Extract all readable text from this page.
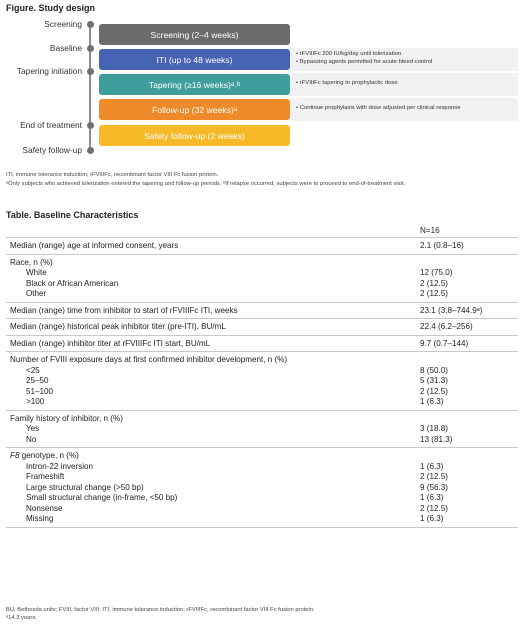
Figure. Study design
Screening
Baseline
Tapering initiation
End of treatment
Safety follow-up
Screening (2–4 weeks)
ITI (up to 48 weeks)
Tapering (≥16 weeks)ᵃ˒ᵇ
Follow-up (32 weeks)ᵃ
Safety follow-up (2 weeks)
• rFVIIIFc 200 IU/kg/day until tolerization
• Bypassing agents permitted for acute bleed control
• rFVIIIFc tapering to prophylactic dose
• Continue prophylaxis with dose adjusted per clinical response
ITI, immune tolerance induction; rFVIIIFc, recombinant factor VIII Fc fusion protein.
ᵃOnly subjects who achieved tolerization entered the tapering and follow-up periods. ᵇIf relapse occurred, subjects were to proceed to end-of-treatment visit.
Table. Baseline Characteristics
N=16
Median (range) age at informed consent, years	2.1 (0.8–16)
Race, n (%)
White	12 (75.0)
Black or African American	2 (12.5)
Other	2 (12.5)
Median (range) time from inhibitor to start of rFVIIIFc ITI, weeks	23.1 (3.8–744.9ᵃ)
Median (range) historical peak inhibitor titer (pre-ITI), BU/mL	22.4 (6.2–256)
Median (range) inhibitor titer at rFVIIIFc ITI start, BU/mL	9.7 (0.7–144)
Number of FVIII exposure days at first confirmed inhibitor development, n (%)
<25	8 (50.0)
25–50	5 (31.3)
51–100	2 (12.5)
>100	1 (6.3)
Family history of inhibitor, n (%)
Yes	3 (18.8)
No	13 (81.3)
F8 genotype, n (%)
Intron-22 inversion	1 (6.3)
Frameshift	2 (12.5)
Large structural change (>50 bp)	9 (56.3)
Small structural change (in-frame, <50 bp)	1 (6.3)
Nonsense	2 (12.5)
Missing	1 (6.3)
BU, Bethesda units; FVIII, factor VIII; ITI, immune tolerance induction; rFVIIIFc, recombinant factor VIII Fc fusion protein.
ᵃ14.3 years.
